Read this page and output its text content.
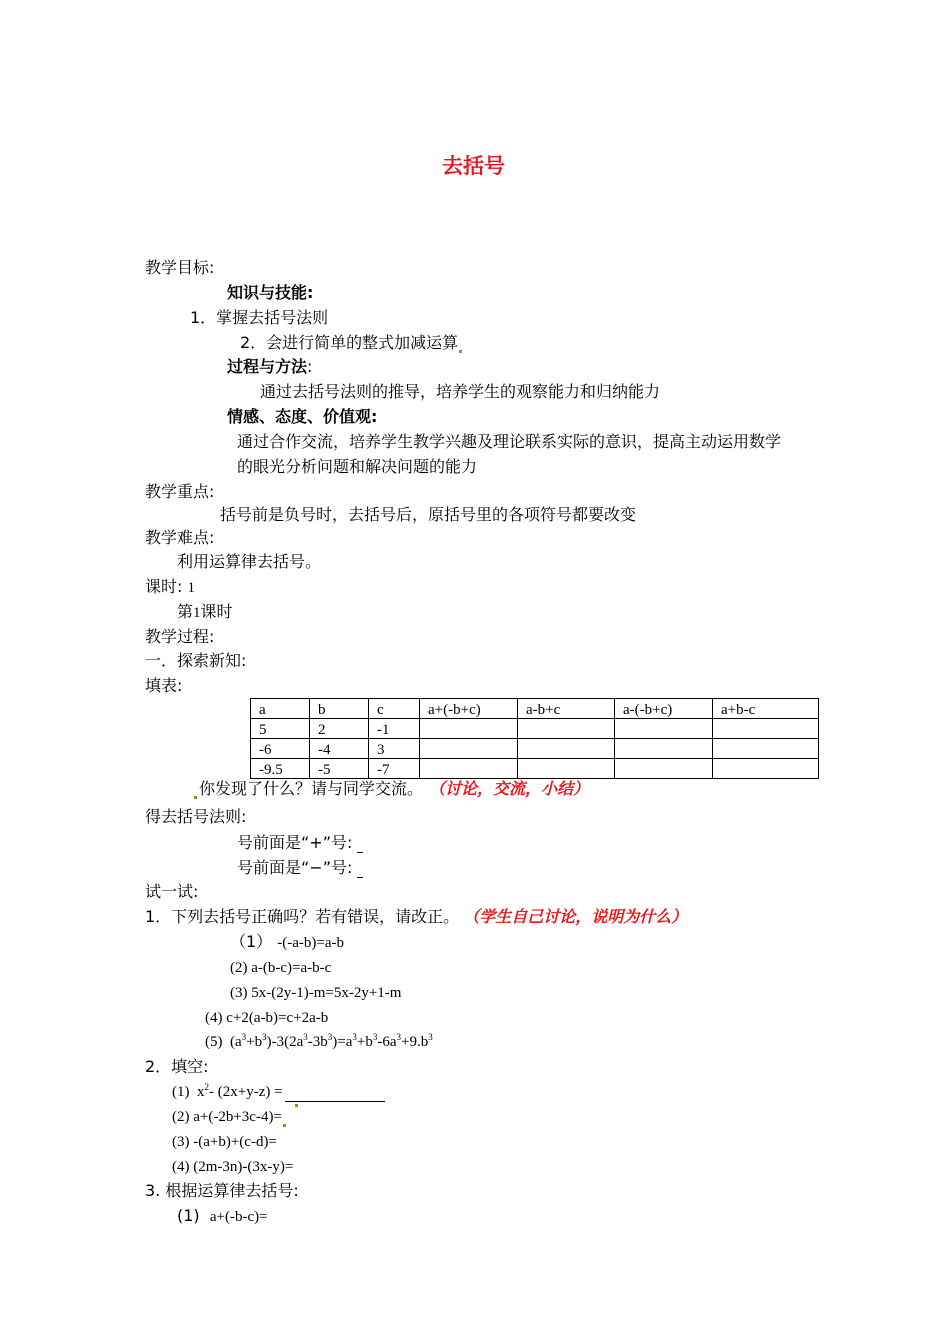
去括号
教学目标:
知识与技能:
1．掌握去括号法则
2．会进行简单的整式加减运算
过程与方法:
通过去括号法则的推导，培养学生的观察能力和归纳能力
情感、态度、价值观:
通过合作交流，培养学生教学兴趣及理论联系实际的意识，提高主动运用数学
的眼光分析问题和解决问题的能力
教学重点:
括号前是负号时，去括号后，原括号里的各项符号都要改变
教学难点:
利用运算律去括号。
课时: 1
第1课时
教学过程:
一．探索新知:
填表:
a	b	c	a+(-b+c)	a-b+c	a-(-b+c)	a+b-c
5	2	-1				
-6	-4	3				
-9.5	-5	-7				
你发现了什么？请与同学交流。 （讨论，交流，小结）
得去括号法则:
号前面是“+”号:
号前面是“−”号:
试一试:
1．下列去括号正确吗？若有错误，请改正。 （学生自己讨论，说明为什么）
（1） -(-a-b)=a-b
(2) a-(b-c)=a-b-c
(3) 5x-(2y-1)-m=5x-2y+1-m
(4) c+2(a-b)=c+2a-b
(5) $(a^3+b^3)-3(2a^3-3b^3)=a^3+b^3-6a^3+9.b^3$
2．填空:
(1) $x^2-$ (2x+y-z) =
(2) a+(-2b+3c-4)=
(3) -(a+b)+(c-d)=
(4) (2m-3n)-(3x-y)=
3. 根据运算律去括号:
(1) a+(-b-c)=
